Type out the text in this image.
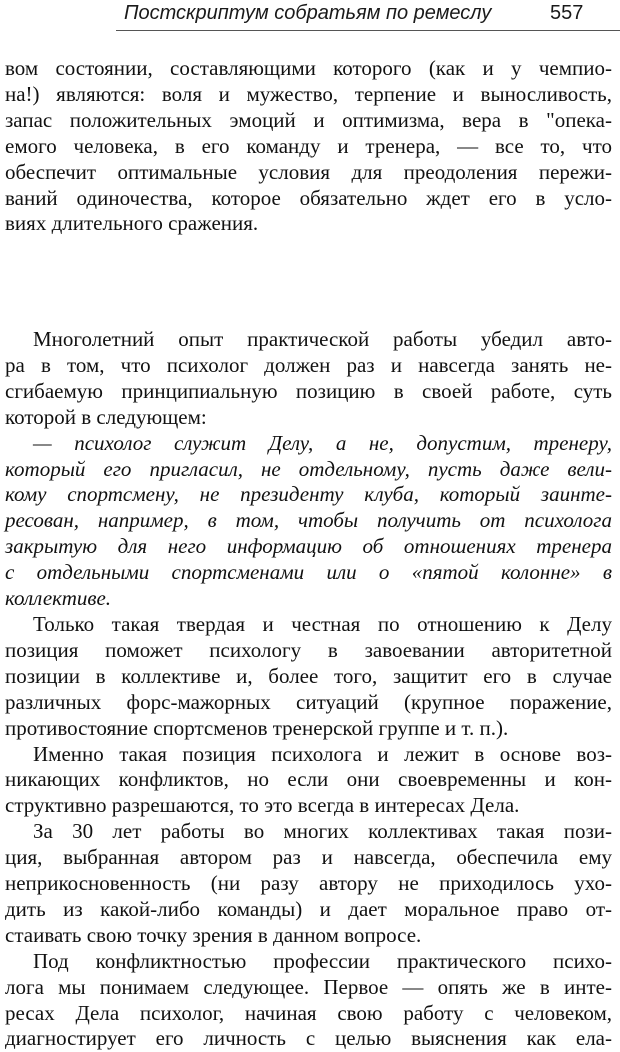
Постскриптум собратьям по ремеслу	557

вом состоянии, составляющими которого (как и у чемпио-
на!) являются: воля и мужество, терпение и выносливость,
запас положительных эмоций и оптимизма, вера в "опека-
емого человека, в его команду и тренера, — все то, что
обеспечит оптимальные условия для преодоления пережи-
ваний одиночества, которое обязательно ждет его в усло-
виях длительного сражения.

Многолетний опыт практической работы убедил авто-
ра в том, что психолог должен раз и навсегда занять не-
сгибаемую принципиальную позицию в своей работе, суть
которой в следующем:

— психолог служит Делу, а не, допустим, тренеру,
который его пригласил, не отдельному, пусть даже вели-
кому спортсмену, не президенту клуба, который заинте-
ресован, например, в том, чтобы получить от психолога
закрытую для него информацию об отношениях тренера
с отдельными спортсменами или о «пятой колонне» в
коллективе.

Только такая твердая и честная по отношению к Делу
позиция поможет психологу в завоевании авторитетной
позиции в коллективе и, более того, защитит его в случае
различных форс-мажорных ситуаций (крупное поражение,
противостояние спортсменов тренерской группе и т. п.).

Именно такая позиция психолога и лежит в основе воз-
никающих конфликтов, но если они своевременны и кон-
структивно разрешаются, то это всегда в интересах Дела.

За 30 лет работы во многих коллективах такая пози-
ция, выбранная автором раз и навсегда, обеспечила ему
неприкосновенность (ни разу автору не приходилось ухо-
дить из какой-либо команды) и дает моральное право от-
стаивать свою точку зрения в данном вопросе.

Под конфликтностью профессии практического психо-
лога мы понимаем следующее. Первое — опять же в инте-
ресах Дела психолог, начиная свою работу с человеком,
диагностирует его личность с целью выяснения как ела-
